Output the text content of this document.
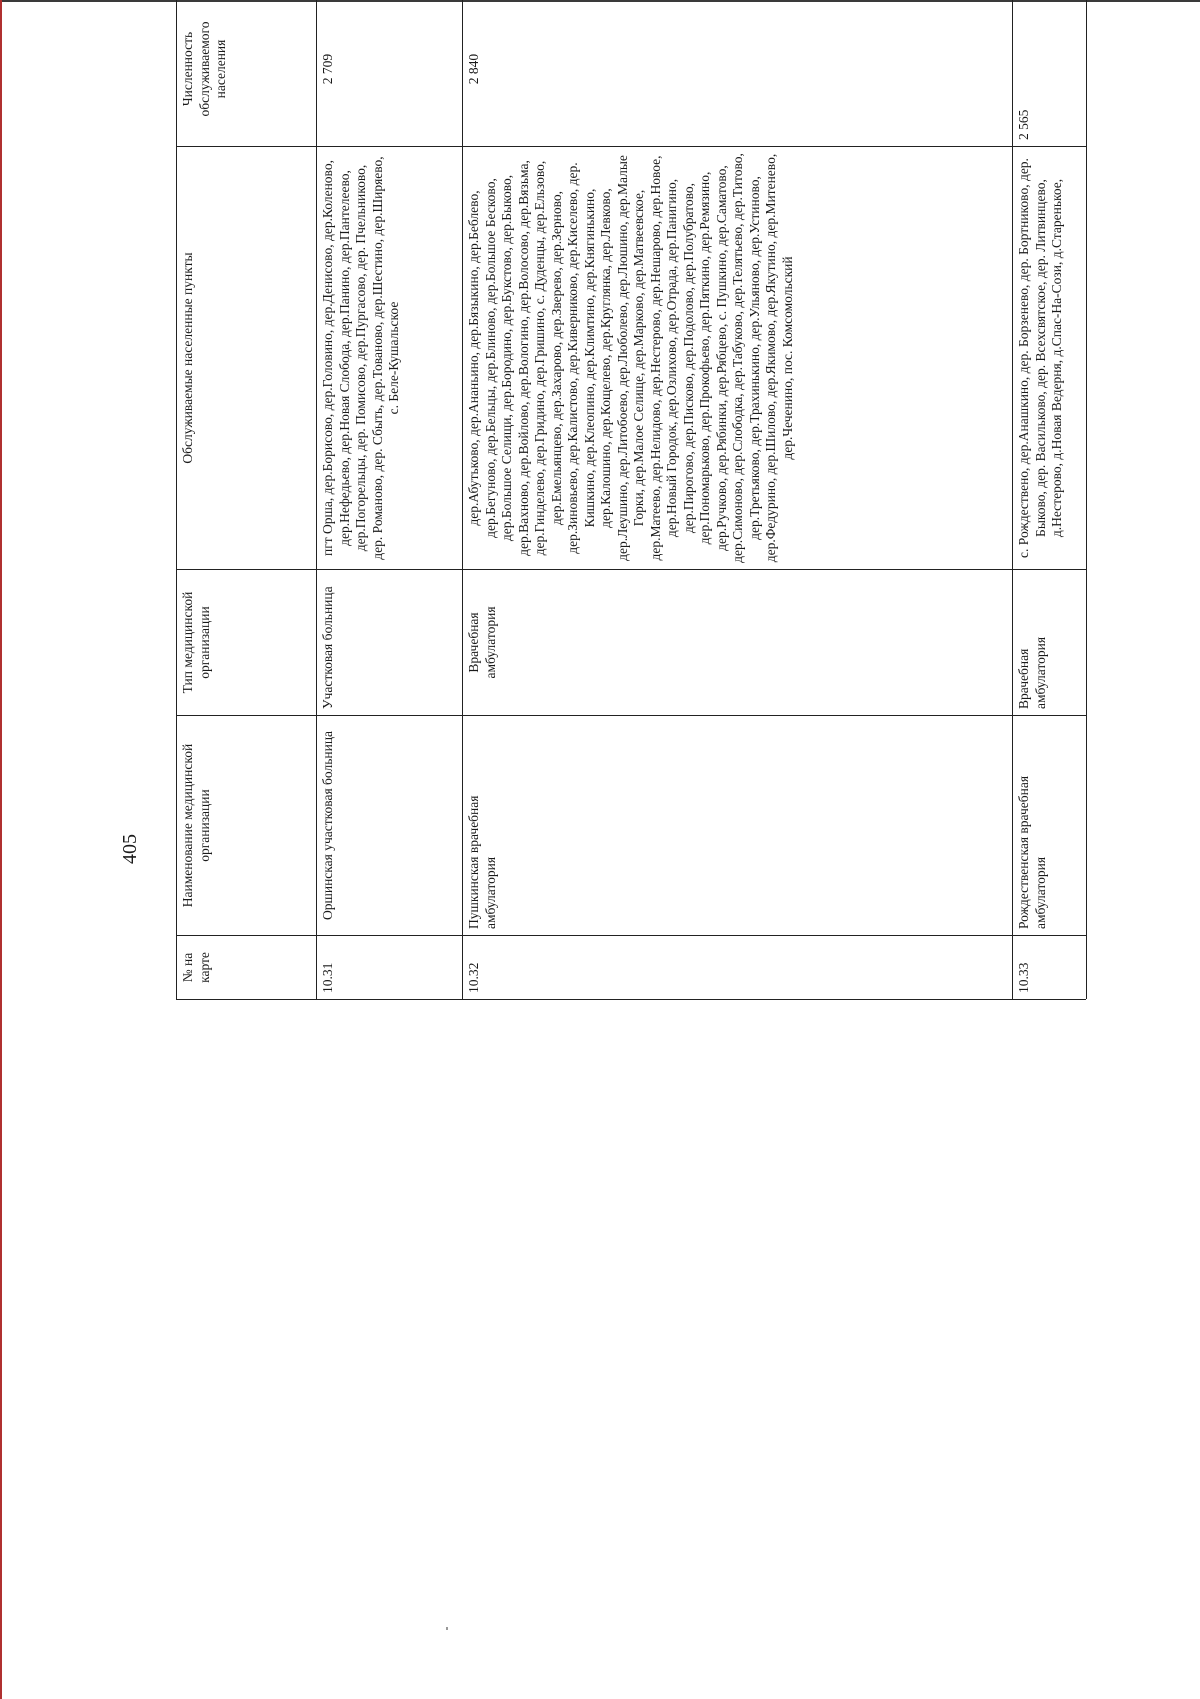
405
№ на карте
Наименование медицинской организации
Тип медицинской организации
Обслуживаемые населенные пункты
Численность обслуживаемого населения
10.31
Оршинская участковая больница
Участковая больница
пгт Орша, дер.Борисово, дер.Головино, дер.Денисово, дер.Коленово, дер.Нефедьево, дер.Новая Слобода, дер.Панино, дер.Пантелеево, дер.Погорельцы, дер. Помисово, дер.Пургасово, дер. Пчельниково, дер. Романово, дер. Сбыть, дер.Тованово, дер.Шестино, дер.Ширяево, с. Беле-Кушальское
2 709
10.32
Пушкинская врачебная амбулатория
Врачебная амбулатория
дер.Абутьково, дер.Ананьино, дер.Бязыкино, дер.Беблево, дер.Бегуново, дер.Бельцы, дер.Блиново, дер.Большое Бесково, дер.Большое Селищи, дер.Бородино, дер.Букстово, дер.Быково, дер.Вахново, дер.Войлово, дер.Вологино, дер.Волосово, дер.Вязьма, дер.Гинделево, дер.Гридино, дер.Гришино, с. Дуденцы, дер.Ельзово, дер.Емельянцево, дер.Захарово, дер.Зверево, дер.Зерново, дер.Зиновьево, дер.Калистово, дер.Киверниково, дер.Киселево, дер. Кишкино, дер.Клеопино, дер.Климтино, дер.Княгинькино, дер.Калошино, дер.Кощелево, дер.Круглянка, дер.Левково, дер.Леушино, дер.Литобоево, дер.Люболево, дер.Люшино, дер.Малые Горки, дер.Малое Селище, дер.Марково, дер.Матвеевское, дер.Матеево, дер.Нелидово, дер.Нестерово, дер.Нешарово, дер.Новое, дер.Новый Городок, дер.Озлихово, дер.Отрада, дер.Панигино, дер.Пирогово, дер.Писково, дер.Подолово, дер.Полубратово, дер.Пономарьково, дер.Прокофьево, дер.Пяткино, дер.Ремязино, дер.Ручково, дер.Рябинки, дер.Рябцево, с. Пушкино, дер.Саматово, дер.Симоново, дер.Слободка, дер.Табуково, дер.Телятьево, дер.Титово, дер.Третьяково, дер.Трахинькино, дер.Ульяново, дер.Устиново, дер.Федурино, дер.Шилово, дер.Якимово, дер.Якутино, дер.Митенево, дер.Чеченино, пос. Комсомольский
2 840
10.33
Рождественская врачебная амбулатория
Врачебная амбулатория
с. Рождествено, дер.Анашкино, дер. Борзенево, дер. Бортниково, дер. Быково, дер. Васильково, дер. Всехсвятское, дер. Литвинцево, д.Нестерово, д.Новая Ведерня, д.Спас-На-Сози, д.Старенькое,
2 565
